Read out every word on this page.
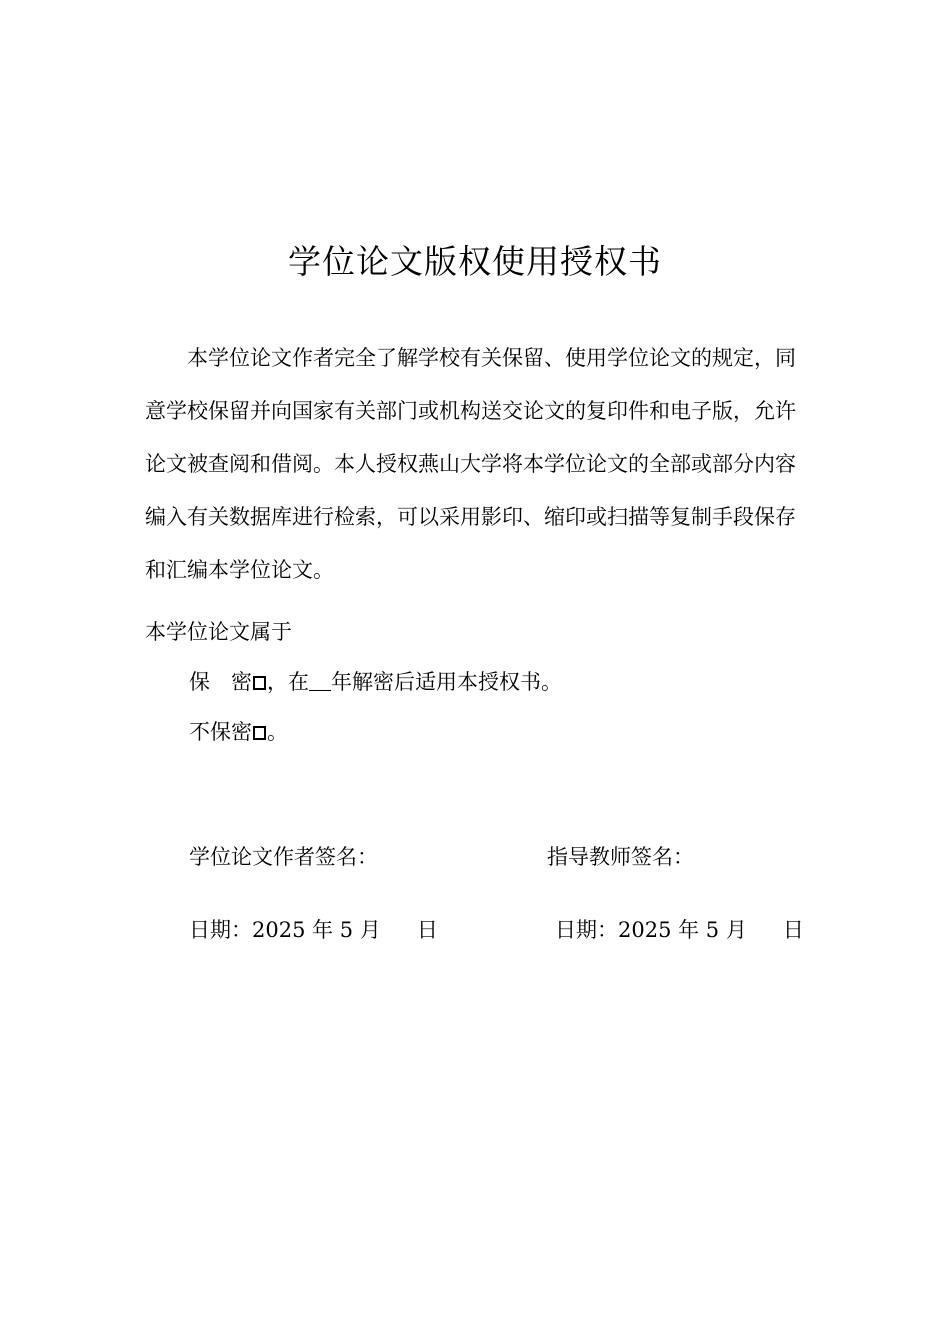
学位论文版权使用授权书

本学位论文作者完全了解学校有关保留、使用学位论文的规定，同意学校保留并向国家有关部门或机构送交论文的复印件和电子版，允许论文被查阅和借阅。本人授权燕山大学将本学位论文的全部或部分内容编入有关数据库进行检索，可以采用影印、缩印或扫描等复制手段保存和汇编本学位论文。

本学位论文属于
保 密 ，在 年解密后适用本授权书。
不保密 。
学位论文作者签名：	指导教师签名：
日期：2025 年 5 月 日	日期：2025 年 5 月 日
